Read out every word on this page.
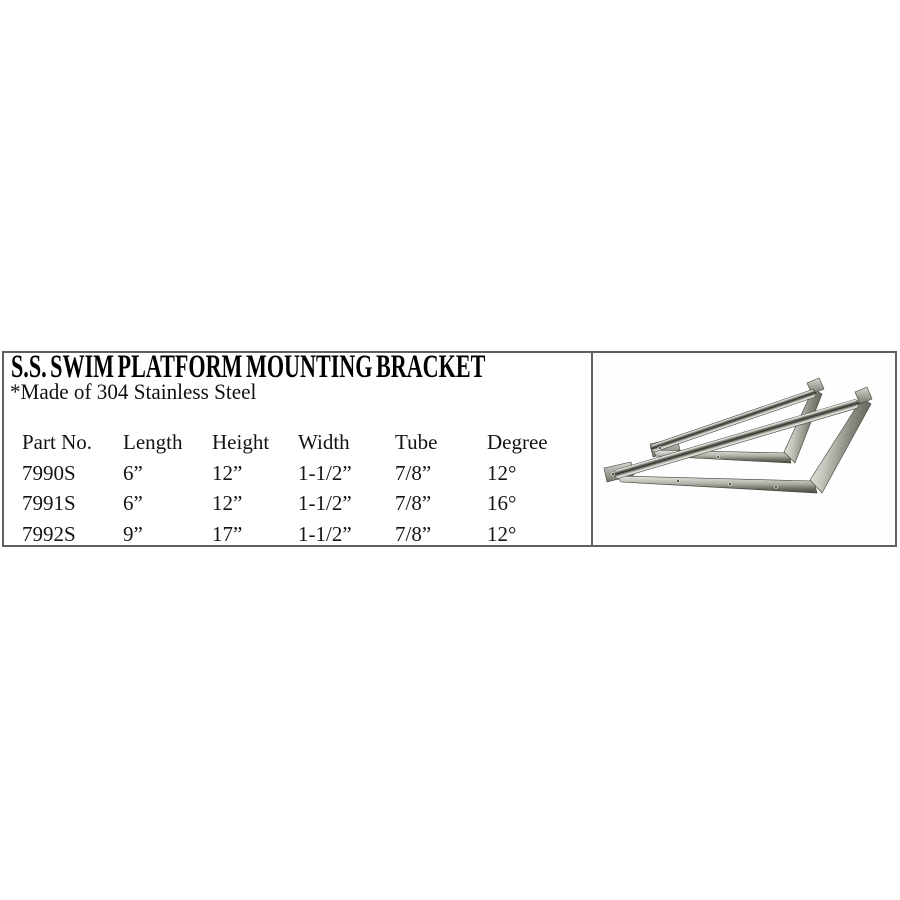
S.S. SWIM PLATFORM MOUNTING BRACKET
*Made of 304 Stainless Steel
Part No.	Length	Height	Width	Tube	Degree
7990S	6”	12”	1-1/2”	7/8”	12°
7991S	6”	12”	1-1/2”	7/8”	16°
7992S	9”	17”	1-1/2”	7/8”	12°
